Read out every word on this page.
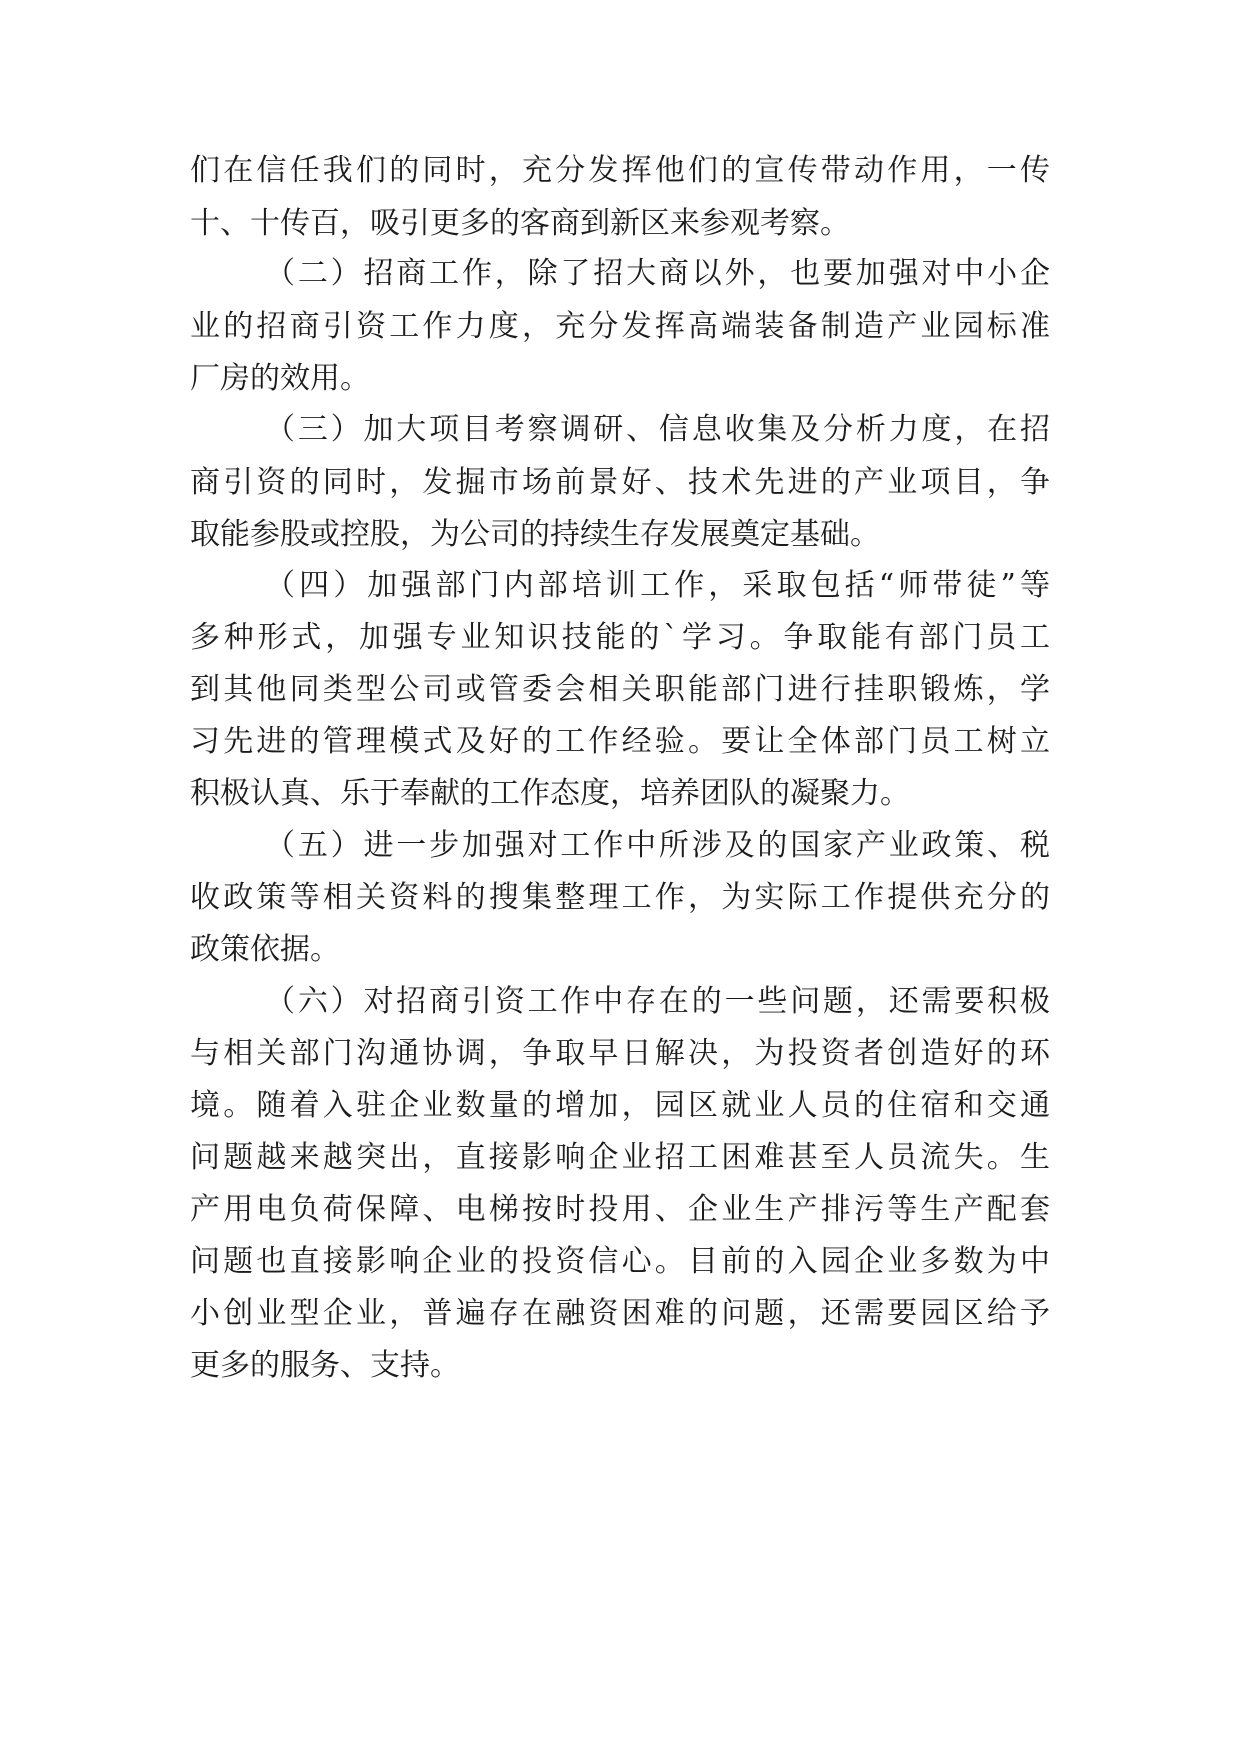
们在信任我们的同时，充分发挥他们的宣传带动作用，一传
十、十传百，吸引更多的客商到新区来参观考察。
（二）招商工作，除了招大商以外，也要加强对中小企
业的招商引资工作力度，充分发挥高端装备制造产业园标准
厂房的效用。
（三）加大项目考察调研、信息收集及分析力度，在招
商引资的同时，发掘市场前景好、技术先进的产业项目，争
取能参股或控股，为公司的持续生存发展奠定基础。
（四）加强部门内部培训工作，采取包括“师带徒”等
多种形式，加强专业知识技能的`学习。争取能有部门员工
到其他同类型公司或管委会相关职能部门进行挂职锻炼，学
习先进的管理模式及好的工作经验。要让全体部门员工树立
积极认真、乐于奉献的工作态度，培养团队的凝聚力。
（五）进一步加强对工作中所涉及的国家产业政策、税
收政策等相关资料的搜集整理工作，为实际工作提供充分的
政策依据。
（六）对招商引资工作中存在的一些问题，还需要积极
与相关部门沟通协调，争取早日解决，为投资者创造好的环
境。随着入驻企业数量的增加，园区就业人员的住宿和交通
问题越来越突出，直接影响企业招工困难甚至人员流失。生
产用电负荷保障、电梯按时投用、企业生产排污等生产配套
问题也直接影响企业的投资信心。目前的入园企业多数为中
小创业型企业，普遍存在融资困难的问题，还需要园区给予
更多的服务、支持。
